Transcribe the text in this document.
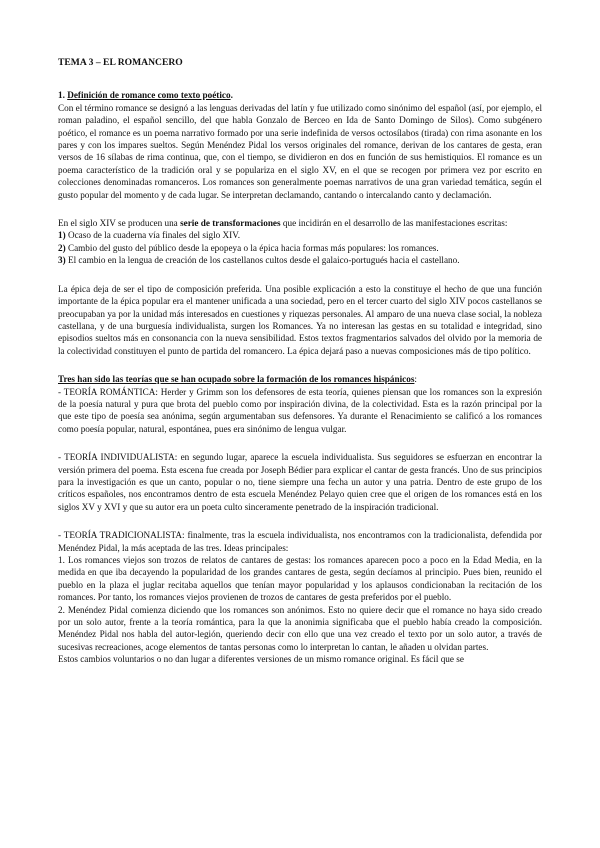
TEMA 3 – EL ROMANCERO

1. Definición de romance como texto poético.

Con el término romance se designó a las lenguas derivadas del latín y fue utilizado como sinónimo del español (así, por ejemplo, el roman paladino, el español sencillo, del que habla Gonzalo de Berceo en Ida de Santo Domingo de Silos). Como subgénero poético, el romance es un poema narrativo formado por una serie indefinida de versos octosílabos (tirada) con rima asonante en los pares y con los impares sueltos. Según Menéndez Pidal los versos originales del romance, derivan de los cantares de gesta, eran versos de 16 sílabas de rima continua, que, con el tiempo, se dividieron en dos en función de sus hemistiquios. El romance es un poema característico de la tradición oral y se populariza en el siglo XV, en el que se recogen por primera vez por escrito en colecciones denominadas romanceros. Los romances son generalmente poemas narrativos de una gran variedad temática, según el gusto popular del momento y de cada lugar. Se interpretan declamando, cantando o intercalando canto y declamación.

En el siglo XIV se producen una serie de transformaciones que incidirán en el desarrollo de las manifestaciones escritas:

1) Ocaso de la cuaderna vía finales del siglo XIV.

2) Cambio del gusto del público desde la epopeya o la épica hacia formas más populares: los romances.

3) El cambio en la lengua de creación de los castellanos cultos desde el galaico-portugués hacia el castellano.

La épica deja de ser el tipo de composición preferida. Una posible explicación a esto la constituye el hecho de que una función importante de la épica popular era el mantener unificada a una sociedad, pero en el tercer cuarto del siglo XIV pocos castellanos se preocupaban ya por la unidad más interesados en cuestiones y riquezas personales. Al amparo de una nueva clase social, la nobleza castellana, y de una burguesía individualista, surgen los Romances. Ya no interesan las gestas en su totalidad e integridad, sino episodios sueltos más en consonancia con la nueva sensibilidad. Estos textos fragmentarios salvados del olvido por la memoria de la colectividad constituyen el punto de partida del romancero. La épica dejará paso a nuevas composiciones más de tipo político.

Tres han sido las teorías que se han ocupado sobre la formación de los romances hispánicos:

- TEORÍA ROMÁNTICA: Herder y Grimm son los defensores de esta teoría, quienes piensan que los romances son la expresión de la poesía natural y pura que brota del pueblo como por inspiración divina, de la colectividad. Esta es la razón principal por la que este tipo de poesía sea anónima, según argumentaban sus defensores. Ya durante el Renacimiento se calificó a los romances como poesía popular, natural, espontánea, pues era sinónimo de lengua vulgar.

- TEORÍA INDIVIDUALISTA: en segundo lugar, aparece la escuela individualista. Sus seguidores se esfuerzan en encontrar la versión primera del poema. Esta escena fue creada por Joseph Bédier para explicar el cantar de gesta francés. Uno de sus principios para la investigación es que un canto, popular o no, tiene siempre una fecha un autor y una patria. Dentro de este grupo de los críticos españoles, nos encontramos dentro de esta escuela Menéndez Pelayo quien cree que el origen de los romances está en los siglos XV y XVI y que su autor era un poeta culto sinceramente penetrado de la inspiración tradicional.

- TEORÍA TRADICIONALISTA: finalmente, tras la escuela individualista, nos encontramos con la tradicionalista, defendida por Menéndez Pidal, la más aceptada de las tres. Ideas principales:

1. Los romances viejos son trozos de relatos de cantares de gestas: los romances aparecen poco a poco en la Edad Media, en la medida en que iba decayendo la popularidad de los grandes cantares de gesta, según decíamos al principio. Pues bien, reunido el pueblo en la plaza el juglar recitaba aquellos que tenían mayor popularidad y los aplausos condicionaban la recitación de los romances. Por tanto, los romances viejos provienen de trozos de cantares de gesta preferidos por el pueblo.

2. Menéndez Pidal comienza diciendo que los romances son anónimos. Esto no quiere decir que el romance no haya sido creado por un solo autor, frente a la teoría romántica, para la que la anonimia significaba que el pueblo había creado la composición. Menéndez Pidal nos habla del autor-legión, queriendo decir con ello que una vez creado el texto por un solo autor, a través de sucesivas recreaciones, acoge elementos de tantas personas como lo interpretan lo cantan, le añaden u olvidan partes.

Estos cambios voluntarios o no dan lugar a diferentes versiones de un mismo romance original. Es fácil que se
